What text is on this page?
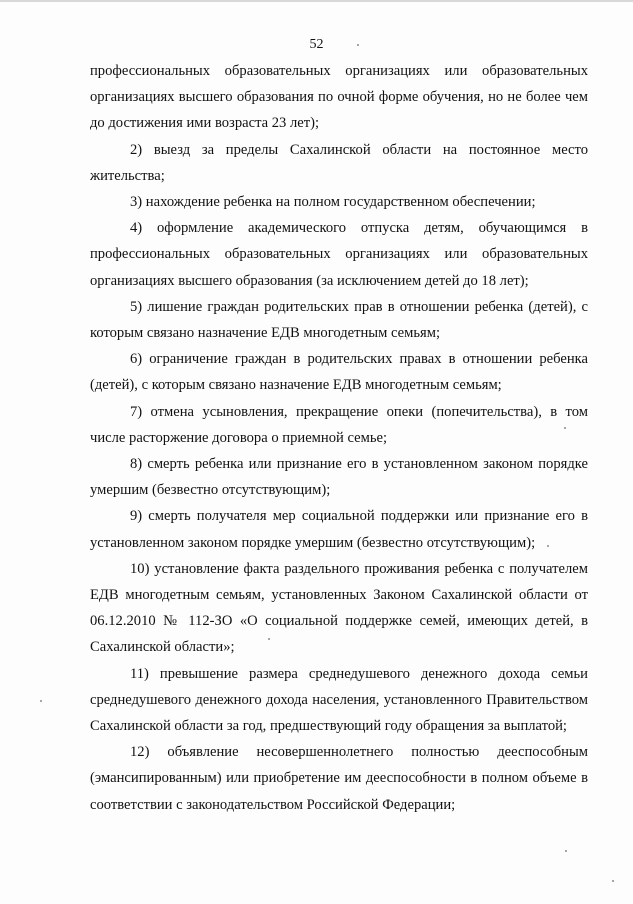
52

профессиональных образовательных организациях или образовательных организациях высшего образования по очной форме обучения, но не более чем до достижения ими возраста 23 лет);

2) выезд за пределы Сахалинской области на постоянное место жительства;

3) нахождение ребенка на полном государственном обеспечении;

4) оформление академического отпуска детям, обучающимся в профессиональных образовательных организациях или образовательных организациях высшего образования (за исключением детей до 18 лет);

5) лишение граждан родительских прав в отношении ребенка (детей), с которым связано назначение ЕДВ многодетным семьям;

6) ограничение граждан в родительских правах в отношении ребенка (детей), с которым связано назначение ЕДВ многодетным семьям;

7) отмена усыновления, прекращение опеки (попечительства), в том числе расторжение договора о приемной семье;

8) смерть ребенка или признание его в установленном законом порядке умершим (безвестно отсутствующим);

9) смерть получателя мер социальной поддержки или признание его в установленном законом порядке умершим (безвестно отсутствующим);

10) установление факта раздельного проживания ребенка с получателем ЕДВ многодетным семьям, установленных Законом Сахалинской области от 06.12.2010 № 112-ЗО «О социальной поддержке семей, имеющих детей, в Сахалинской области»;

11) превышение размера среднедушевого денежного дохода семьи среднедушевого денежного дохода населения, установленного Правительством Сахалинской области за год, предшествующий году обращения за выплатой;

12) объявление несовершеннолетнего полностью дееспособным (эмансипированным) или приобретение им дееспособности в полном объеме в соответствии с законодательством Российской Федерации;
